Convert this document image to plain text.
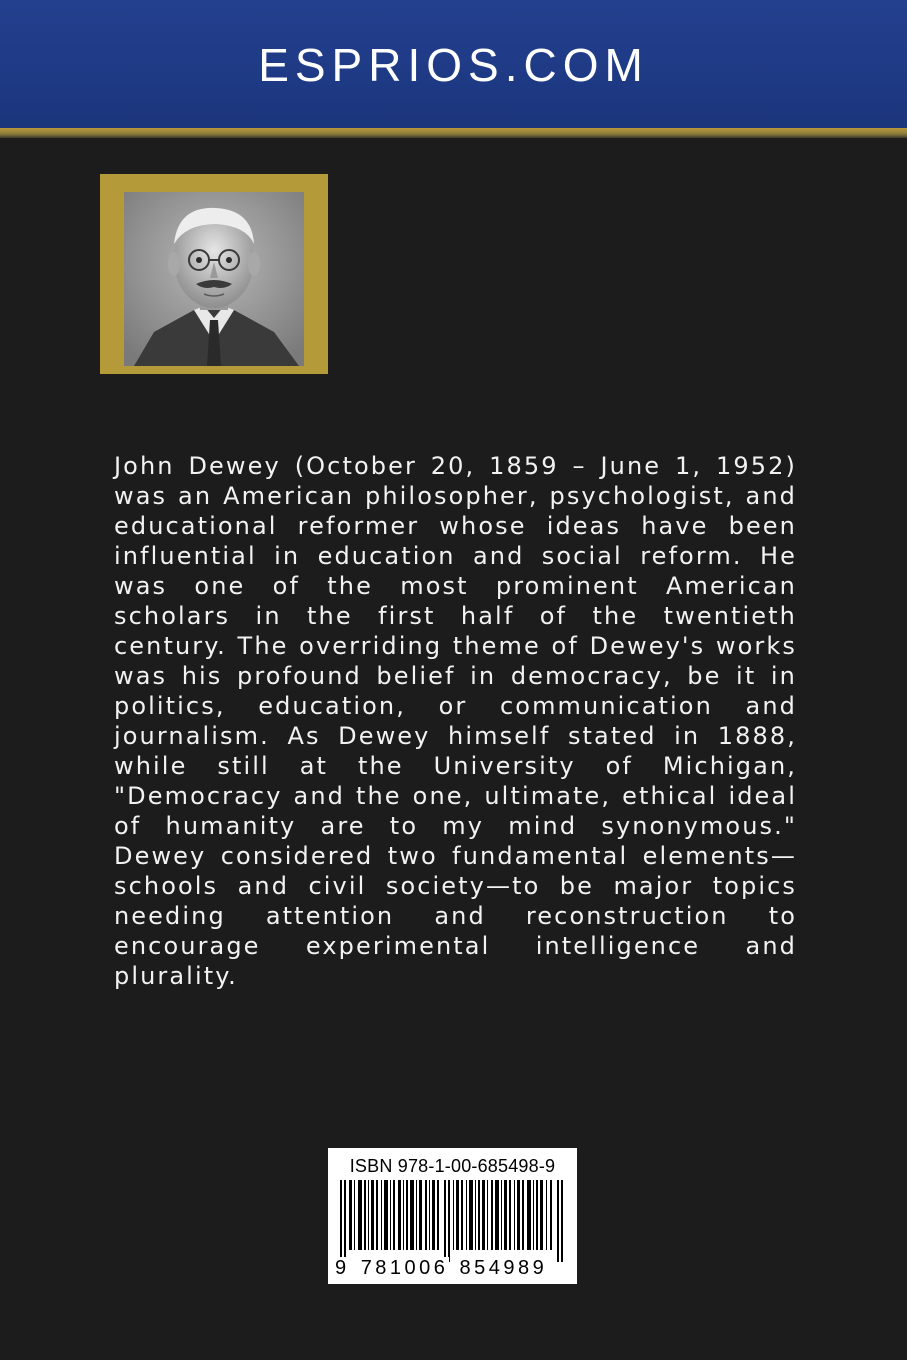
ESPRIOS.COM

John Dewey (October 20, 1859 – June 1, 1952) was an American philosopher, psychologist, and educational reformer whose ideas have been influential in education and social reform. He was one of the most prominent American scholars in the first half of the twentieth century. The overriding theme of Dewey's works was his profound belief in democracy, be it in politics, education, or communication and journalism. As Dewey himself stated in 1888, while still at the University of Michigan, "Democracy and the one, ultimate, ethical ideal of humanity are to my mind synonymous." Dewey considered two fundamental elements—schools and civil society—to be major topics needing attention and reconstruction to encourage experimental intelligence and plurality.

ISBN 978-1-00-685498-9
9 781006 854989
